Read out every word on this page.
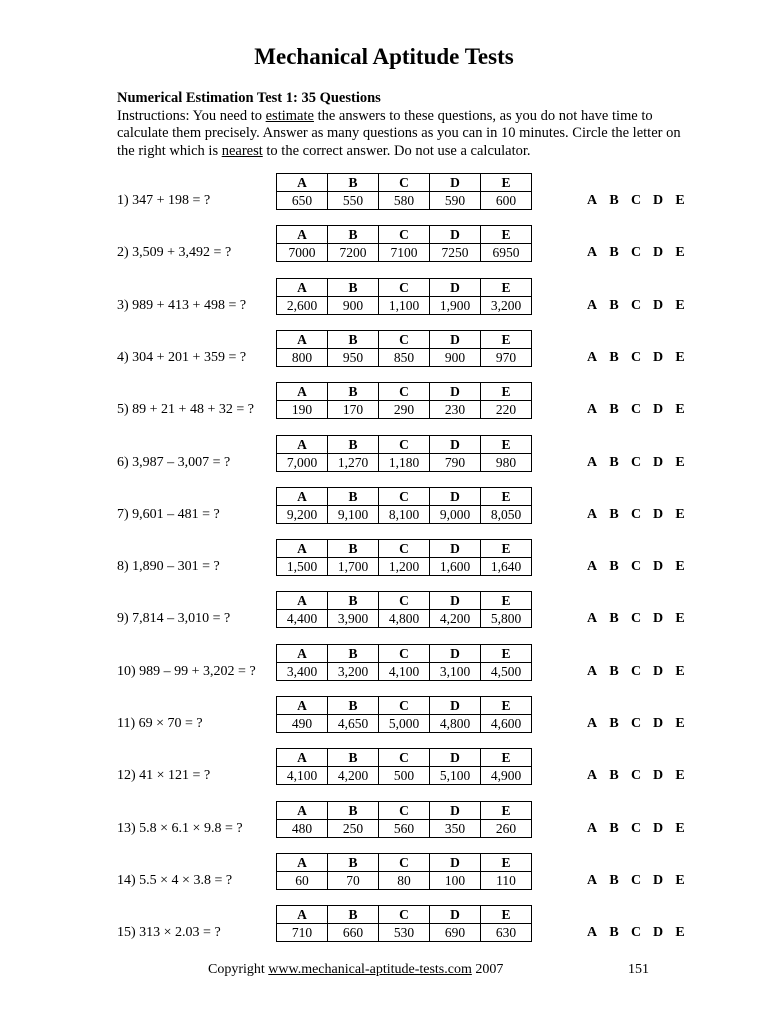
Mechanical Aptitude Tests
Numerical Estimation Test 1: 35 Questions
Instructions: You need to estimate the answers to these questions, as you do not have time to calculate them precisely. Answer as many questions as you can in 10 minutes. Circle the letter on the right which is nearest to the correct answer. Do not use a calculator.
1) 347 + 198 = ?
A	B	C	D	E
650	550	580	590	600	A B C D E
2) 3,509 + 3,492 = ?
A	B	C	D	E
7000	7200	7100	7250	6950	A B C D E
3) 989 + 413 + 498 = ?
A	B	C	D	E
2,600	900	1,100	1,900	3,200	A B C D E
4) 304 + 201 + 359 = ?
A	B	C	D	E
800	950	850	900	970	A B C D E
5) 89 + 21 + 48 + 32 = ?
A	B	C	D	E
190	170	290	230	220	A B C D E
6) 3,987 – 3,007 = ?
A	B	C	D	E
7,000	1,270	1,180	790	980	A B C D E
7) 9,601 – 481 = ?
A	B	C	D	E
9,200	9,100	8,100	9,000	8,050	A B C D E
8) 1,890 – 301 = ?
A	B	C	D	E
1,500	1,700	1,200	1,600	1,640	A B C D E
9) 7,814 – 3,010 = ?
A	B	C	D	E
4,400	3,900	4,800	4,200	5,800	A B C D E
10) 989 – 99 + 3,202 = ?
A	B	C	D	E
3,400	3,200	4,100	3,100	4,500	A B C D E
11) 69 × 70 = ?
A	B	C	D	E
490	4,650	5,000	4,800	4,600	A B C D E
12) 41 × 121 = ?
A	B	C	D	E
4,100	4,200	500	5,100	4,900	A B C D E
13) 5.8 × 6.1 × 9.8 = ?
A	B	C	D	E
480	250	560	350	260	A B C D E
14) 5.5 × 4 × 3.8 = ?
A	B	C	D	E
60	70	80	100	110	A B C D E
15) 313 × 2.03 = ?
A	B	C	D	E
710	660	530	690	630	A B C D E
Copyright www.mechanical-aptitude-tests.com 2007	151
